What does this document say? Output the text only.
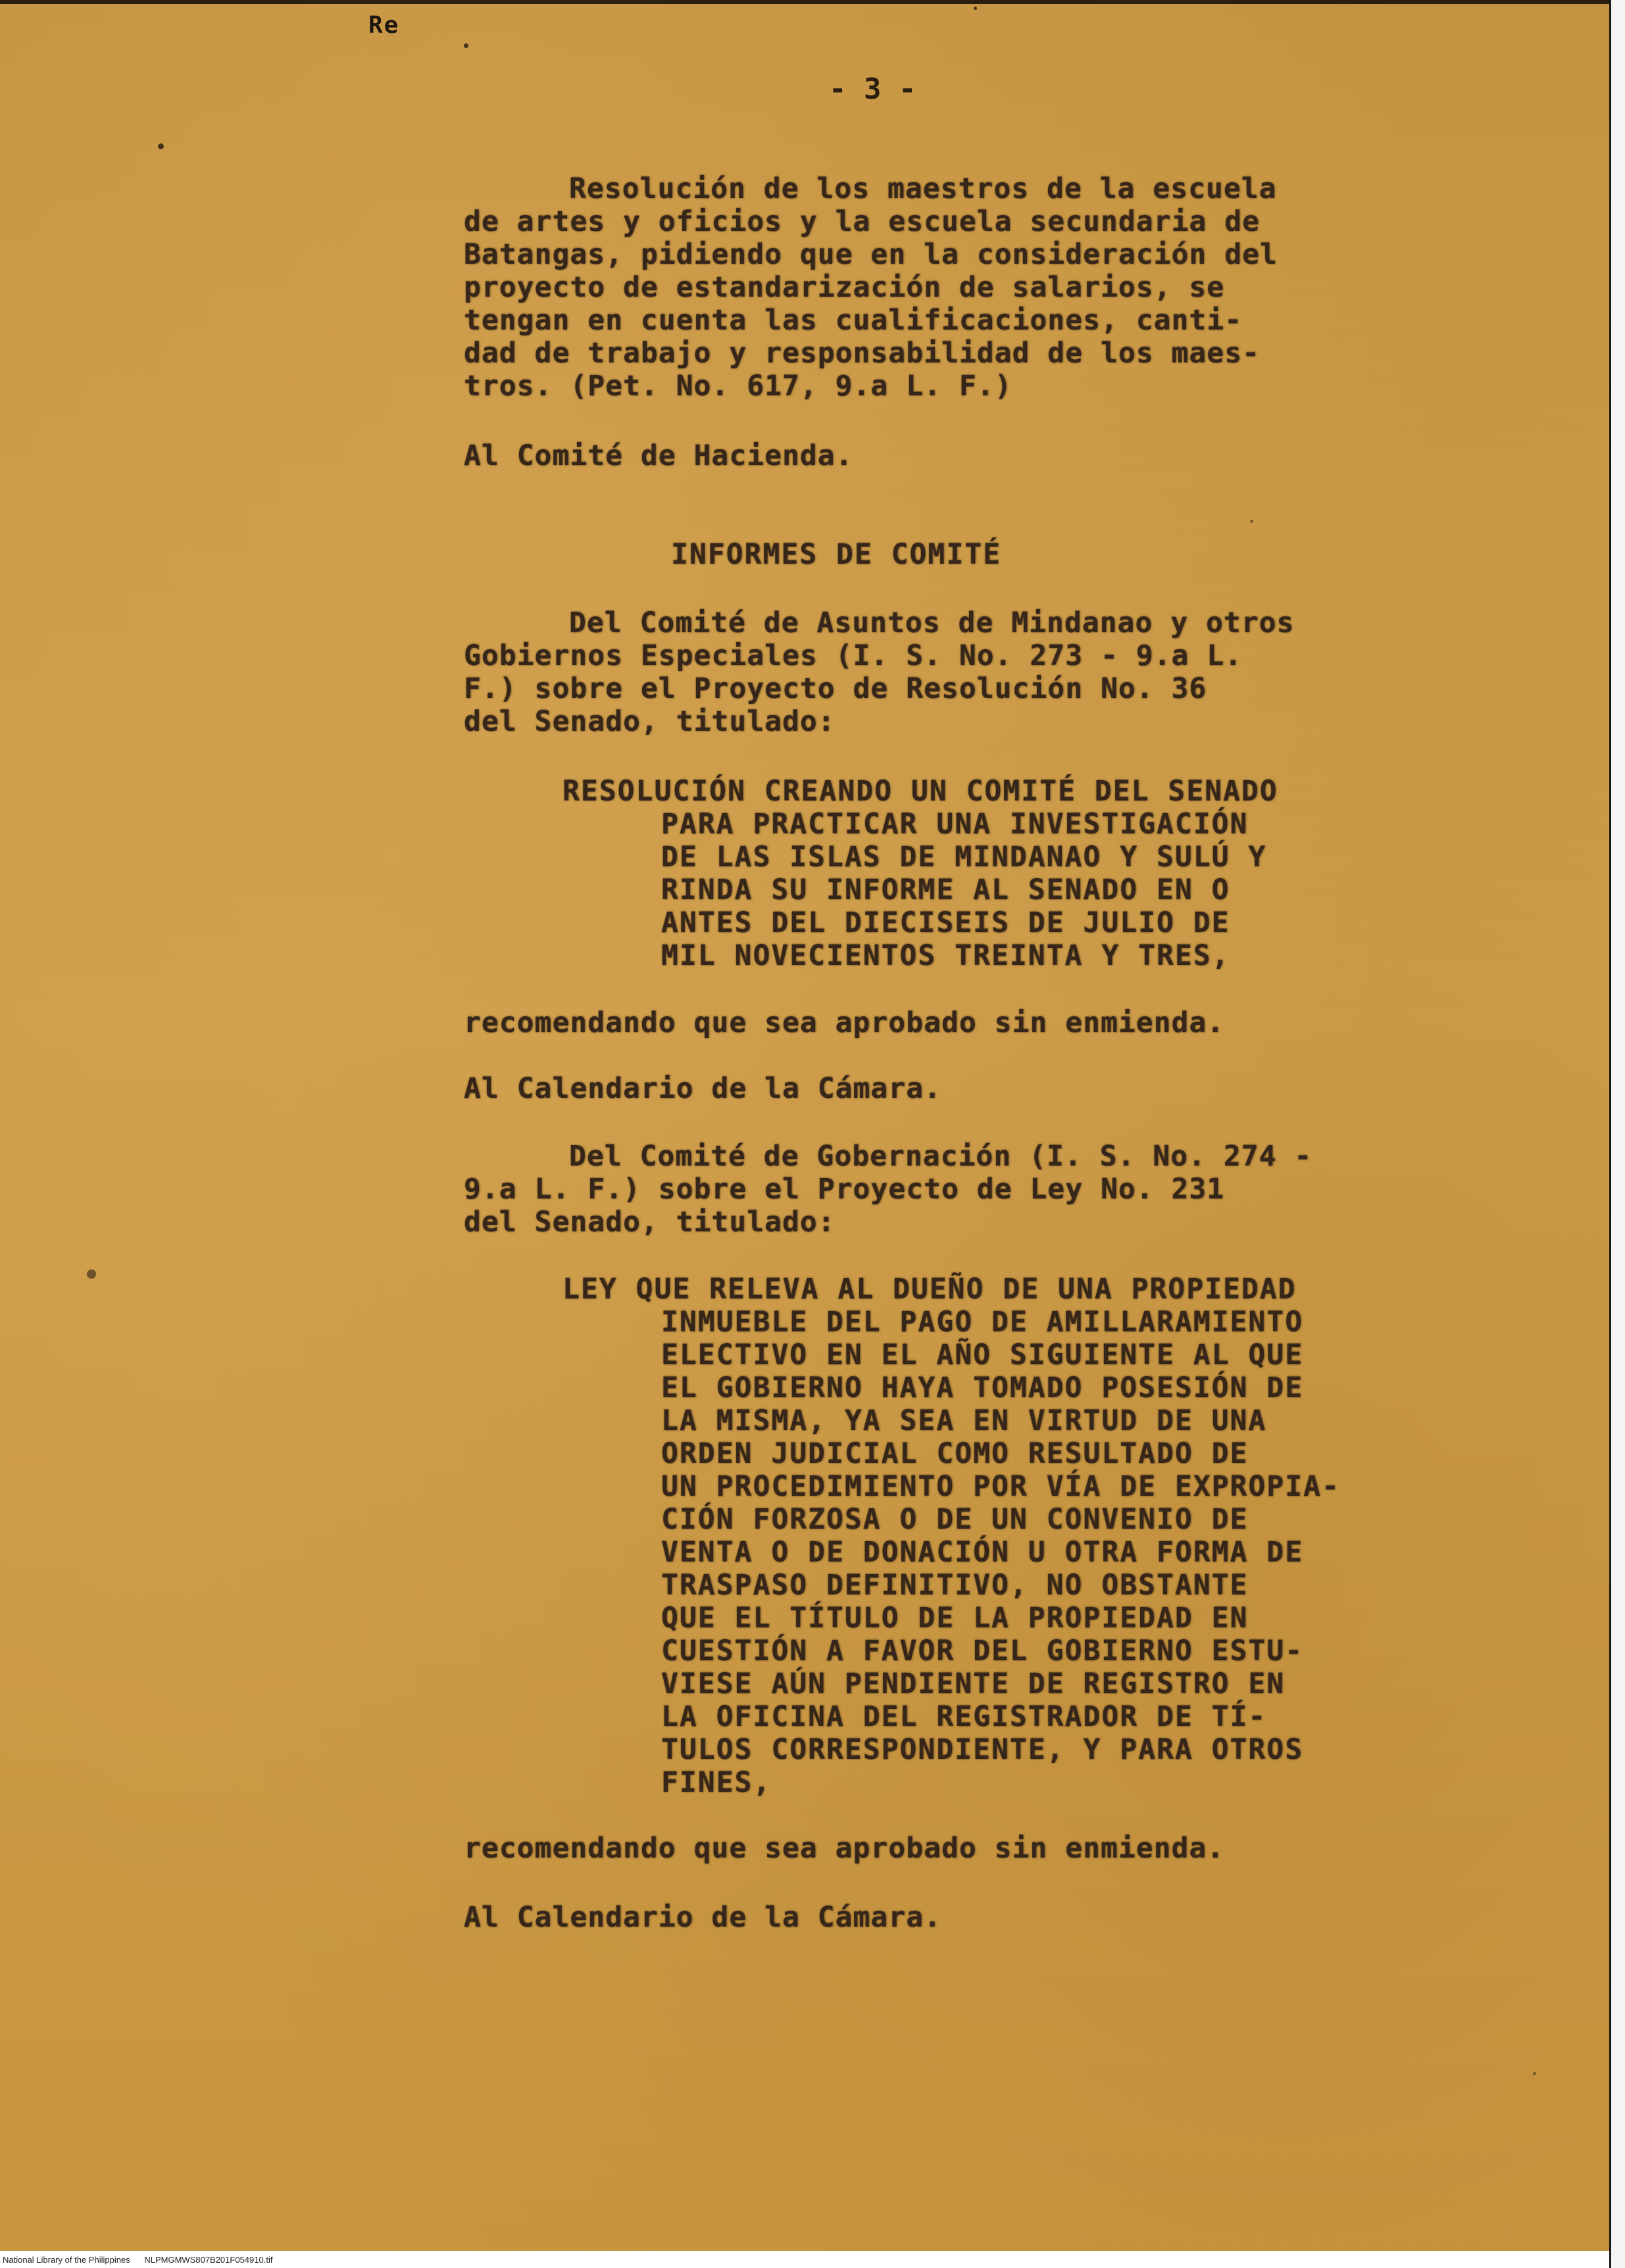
Re
- 3 -
Resolución de los maestros de la escuela
de artes y oficios y la escuela secundaria de
Batangas, pidiendo que en la consideración del
proyecto de estandarización de salarios, se
tengan en cuenta las cualificaciones, canti-
dad de trabajo y responsabilidad de los maes-
tros. (Pet. No. 617, 9.a L. F.)
Al Comité de Hacienda.
INFORMES DE COMITÉ
Del Comité de Asuntos de Mindanao y otros
Gobiernos Especiales (I. S. No. 273 - 9.a L.
F.) sobre el Proyecto de Resolución No. 36
del Senado, titulado:
RESOLUCIÓN CREANDO UN COMITÉ DEL SENADO
PARA PRACTICAR UNA INVESTIGACIÓN
DE LAS ISLAS DE MINDANAO Y SULÚ Y
RINDA SU INFORME AL SENADO EN O
ANTES DEL DIECISEIS DE JULIO DE
MIL NOVECIENTOS TREINTA Y TRES,
recomendando que sea aprobado sin enmienda.
Al Calendario de la Cámara.
Del Comité de Gobernación (I. S. No. 274 -
9.a L. F.) sobre el Proyecto de Ley No. 231
del Senado, titulado:
LEY QUE RELEVA AL DUEÑO DE UNA PROPIEDAD
INMUEBLE DEL PAGO DE AMILLARAMIENTO
ELECTIVO EN EL AÑO SIGUIENTE AL QUE
EL GOBIERNO HAYA TOMADO POSESIÓN DE
LA MISMA, YA SEA EN VIRTUD DE UNA
ORDEN JUDICIAL COMO RESULTADO DE
UN PROCEDIMIENTO POR VÍA DE EXPROPIA-
CIÓN FORZOSA O DE UN CONVENIO DE
VENTA O DE DONACIÓN U OTRA FORMA DE
TRASPASO DEFINITIVO, NO OBSTANTE
QUE EL TÍTULO DE LA PROPIEDAD EN
CUESTIÓN A FAVOR DEL GOBIERNO ESTU-
VIESE AÚN PENDIENTE DE REGISTRO EN
LA OFICINA DEL REGISTRADOR DE TÍ-
TULOS CORRESPONDIENTE, Y PARA OTROS
FINES,
recomendando que sea aprobado sin enmienda.
Al Calendario de la Cámara.
National Library of the Philippines NLPMGMWS807B201F054910.tif
